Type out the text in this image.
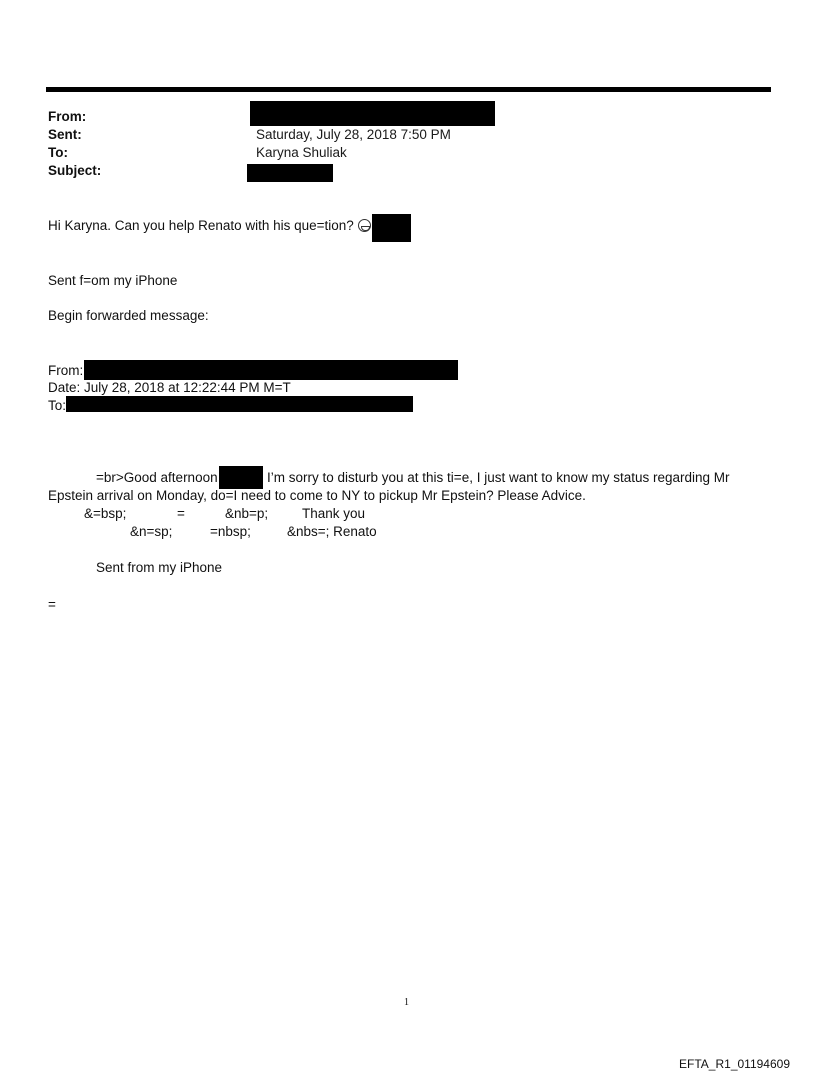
From:
Sent:	Saturday, July 28, 2018 7:50 PM
To:	Karyna Shuliak
Subject:
Hi Karyna. Can you help Renato with his que=tion?
Sent f=om my iPhone
Begin forwarded message:
From:
Date: July 28, 2018 at 12:22:44 PM M=T
To:
=br>Good afternoon	I’m sorry to disturb you at this ti=e, I just want to know my status regarding Mr
Epstein arrival on Monday, do=I need to come to NY to pickup Mr Epstein? Please Advice.
&=bsp;	=	&nb=p;	Thank you
&n=sp;	=nbsp;	&nbs=; Renato
Sent from my iPhone
=
1
EFTA_R1_01194609
